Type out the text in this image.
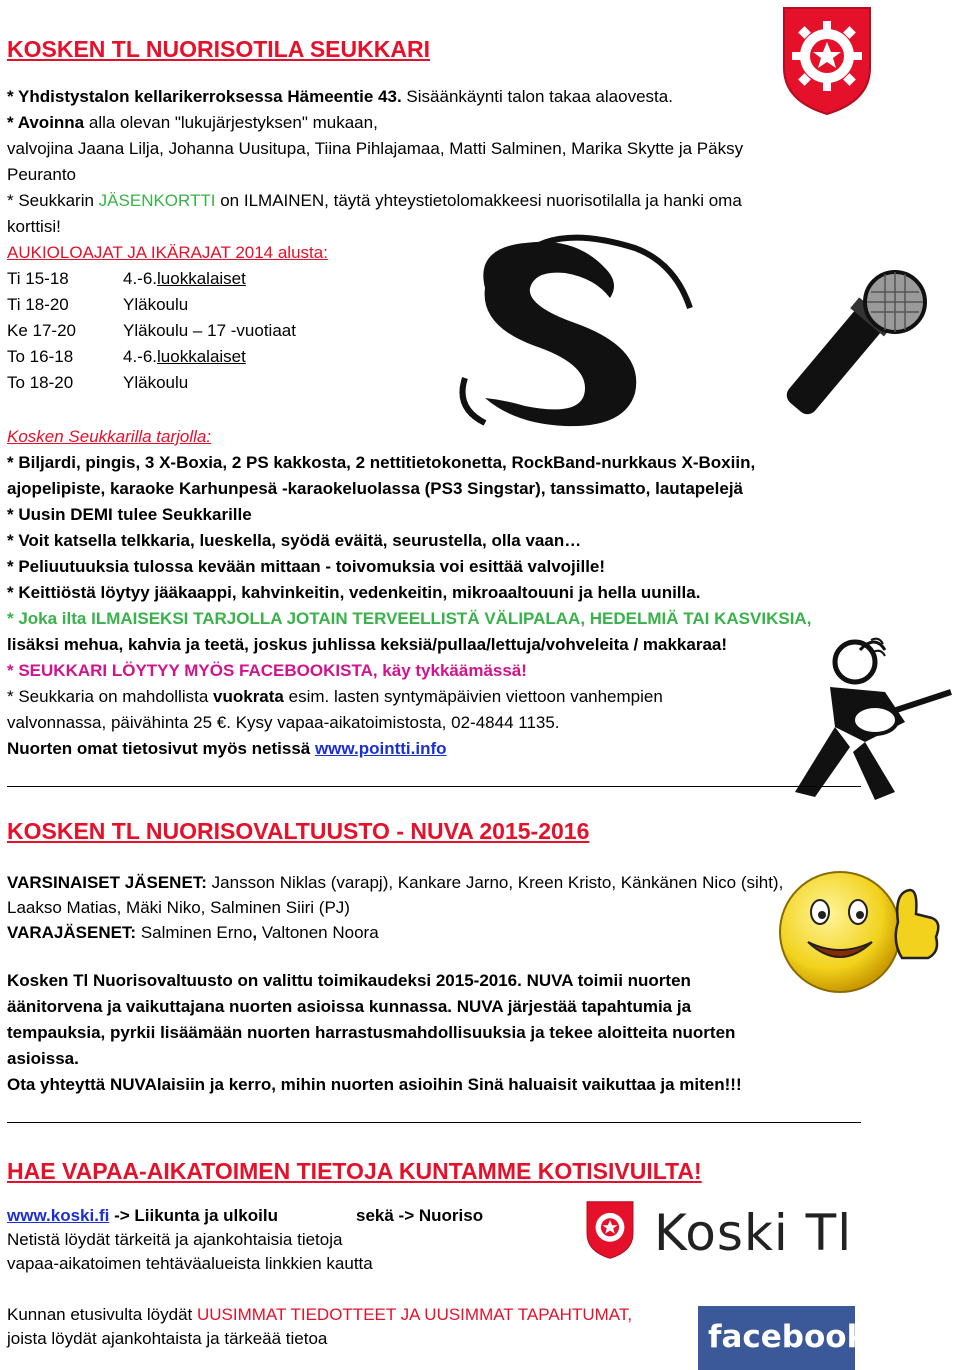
KOSKEN TL NUORISOTILA SEUKKARI
* Yhdistystalon kellarikerroksessa Hämeentie 43. Sisäänkäynti talon takaa alaovesta.
* Avoinna alla olevan "lukujärjestyksen" mukaan,
valvojina Jaana Lilja, Johanna Uusitupa, Tiina Pihlajamaa, Matti Salminen, Marika Skytte ja Päksy
Peuranto
* Seukkarin JÄSENKORTTI on ILMAINEN, täytä yhteystietolomakkeesi nuorisotilalla ja hanki oma
korttisi!
AUKIOLOAJAT JA IKÄRAJAT 2014 alusta:
Ti 15-18	4.-6.luokkalaiset
Ti 18-20	Yläkoulu
Ke 17-20	Yläkoulu – 17 -vuotiaat
To 16-18	4.-6.luokkalaiset
To 18-20	Yläkoulu
Kosken Seukkarilla tarjolla:
* Biljardi, pingis, 3 X-Boxia, 2 PS kakkosta, 2 nettitietokonetta, RockBand-nurkkaus X-Boxiin,
ajopelipiste, karaoke Karhunpesä -karaokeluolassa (PS3 Singstar), tanssimatto, lautapelejä
* Uusin DEMI tulee Seukkarille
* Voit katsella telkkaria, lueskella, syödä eväitä, seurustella, olla vaan…
* Peliuutuuksia tulossa kevään mittaan - toivomuksia voi esittää valvojille!
* Keittiöstä löytyy jääkaappi, kahvinkeitin, vedenkeitin, mikroaaltouuni ja hella uunilla.
* Joka ilta ILMAISEKSI TARJOLLA JOTAIN TERVEELLISTÄ VÄLIPALAA, HEDELMIÄ TAI KASVIKSIA,
lisäksi mehua, kahvia ja teetä, joskus juhlissa keksiä/pullaa/lettuja/vohveleita / makkaraa!
* SEUKKARI LÖYTYY MYÖS FACEBOOKISTA, käy tykkäämässä!
* Seukkaria on mahdollista vuokrata esim. lasten syntymäpäivien viettoon vanhempien
valvonnassa, päivähinta 25 €. Kysy vapaa-aikatoimistosta, 02-4844 1135.
Nuorten omat tietosivut myös netissä www.pointti.info
KOSKEN TL NUORISOVALTUUSTO - NUVA 2015-2016
VARSINAISET JÄSENET: Jansson Niklas (varapj), Kankare Jarno, Kreen Kristo, Känkänen Nico (siht),
Laakso Matias, Mäki Niko, Salminen Siiri (PJ)
VARAJÄSENET: Salminen Erno, Valtonen Noora
Kosken Tl Nuorisovaltuusto on valittu toimikaudeksi 2015-2016. NUVA toimii nuorten
äänitorvena ja vaikuttajana nuorten asioissa kunnassa. NUVA järjestää tapahtumia ja
tempauksia, pyrkii lisäämään nuorten harrastusmahdollisuuksia ja tekee aloitteita nuorten
asioissa.
Ota yhteyttä NUVAlaisiin ja kerro, mihin nuorten asioihin Sinä haluaisit vaikuttaa ja miten!!!
HAE VAPAA-AIKATOIMEN TIETOJA KUNTAMME KOTISIVUILTA!
www.koski.fi -> Liikunta ja ulkoilu	sekä -> Nuoriso
Netistä löydät tärkeitä ja ajankohtaisia tietoja
vapaa-aikatoimen tehtäväalueista linkkien kautta
Koski Tl
Kunnan etusivulta löydät UUSIMMAT TIEDOTTEET JA UUSIMMAT TAPAHTUMAT,
joista löydät ajankohtaista ja tärkeää tietoa	facebook
